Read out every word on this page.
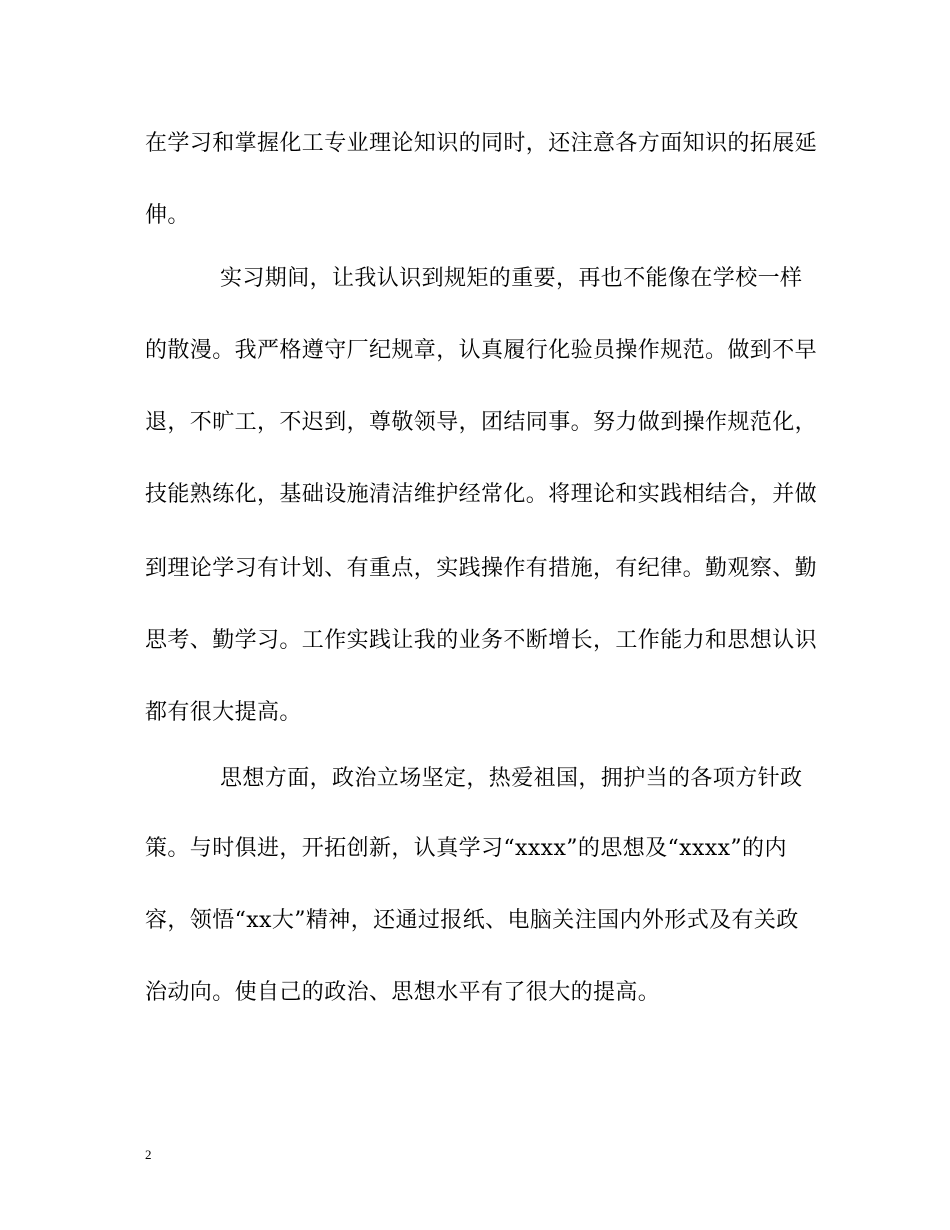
在学习和掌握化工专业理论知识的同时，还注意各方面知识的拓展延
伸。
实习期间，让我认识到规矩的重要，再也不能像在学校一样
的散漫。我严格遵守厂纪规章，认真履行化验员操作规范。做到不早
退，不旷工，不迟到，尊敬领导，团结同事。努力做到操作规范化，
技能熟练化，基础设施清洁维护经常化。将理论和实践相结合，并做
到理论学习有计划、有重点，实践操作有措施，有纪律。勤观察、勤
思考、勤学习。工作实践让我的业务不断增长，工作能力和思想认识
都有很大提高。
思想方面，政治立场坚定，热爱祖国，拥护当的各项方针政
策。与时俱进，开拓创新，认真学习“xxxx”的思想及“xxxx”的内
容，领悟“xx大”精神，还通过报纸、电脑关注国内外形式及有关政
治动向。使自己的政治、思想水平有了很大的提高。
2
